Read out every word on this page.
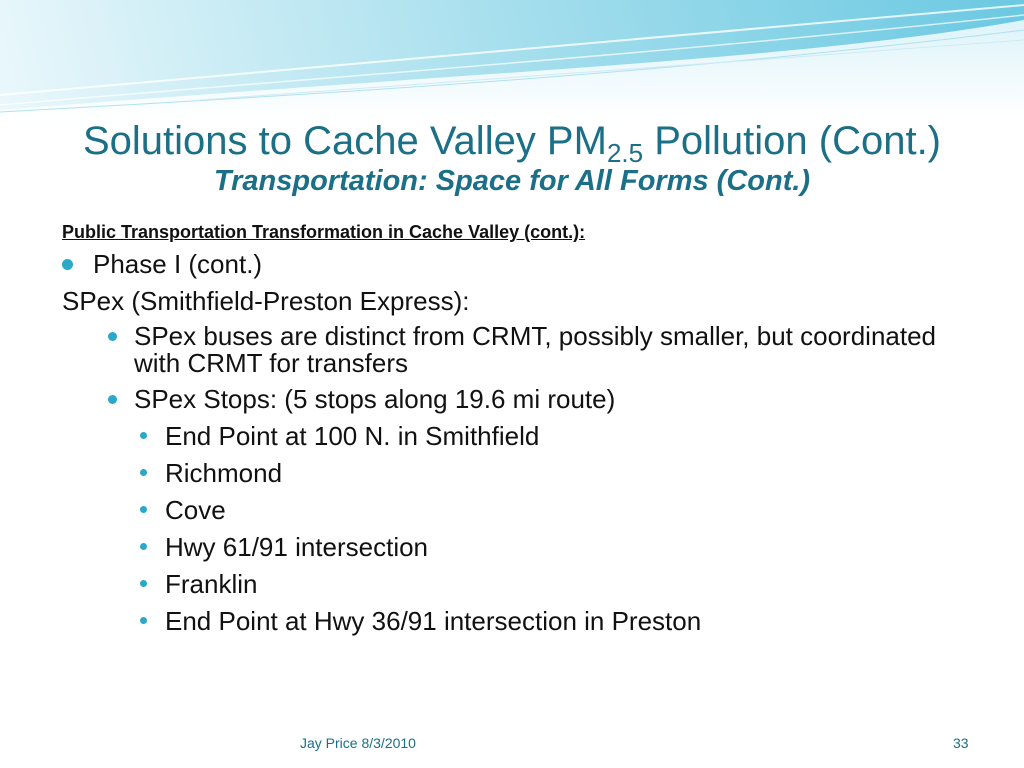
Solutions to Cache Valley $PM_{2.5}$ Pollution (Cont.)
Transportation: Space for All Forms (Cont.)
Public Transportation Transformation in Cache Valley (cont.):
Phase I (cont.)
SPex (Smithfield-Preston Express):
SPex buses are distinct from CRMT, possibly smaller, but coordinated with CRMT for transfers
SPex Stops: (5 stops along 19.6 mi route)
End Point at 100 N. in Smithfield
Richmond
Cove
Hwy 61/91 intersection
Franklin
End Point at Hwy 36/91 intersection in Preston
Jay Price 8/3/2010	33
